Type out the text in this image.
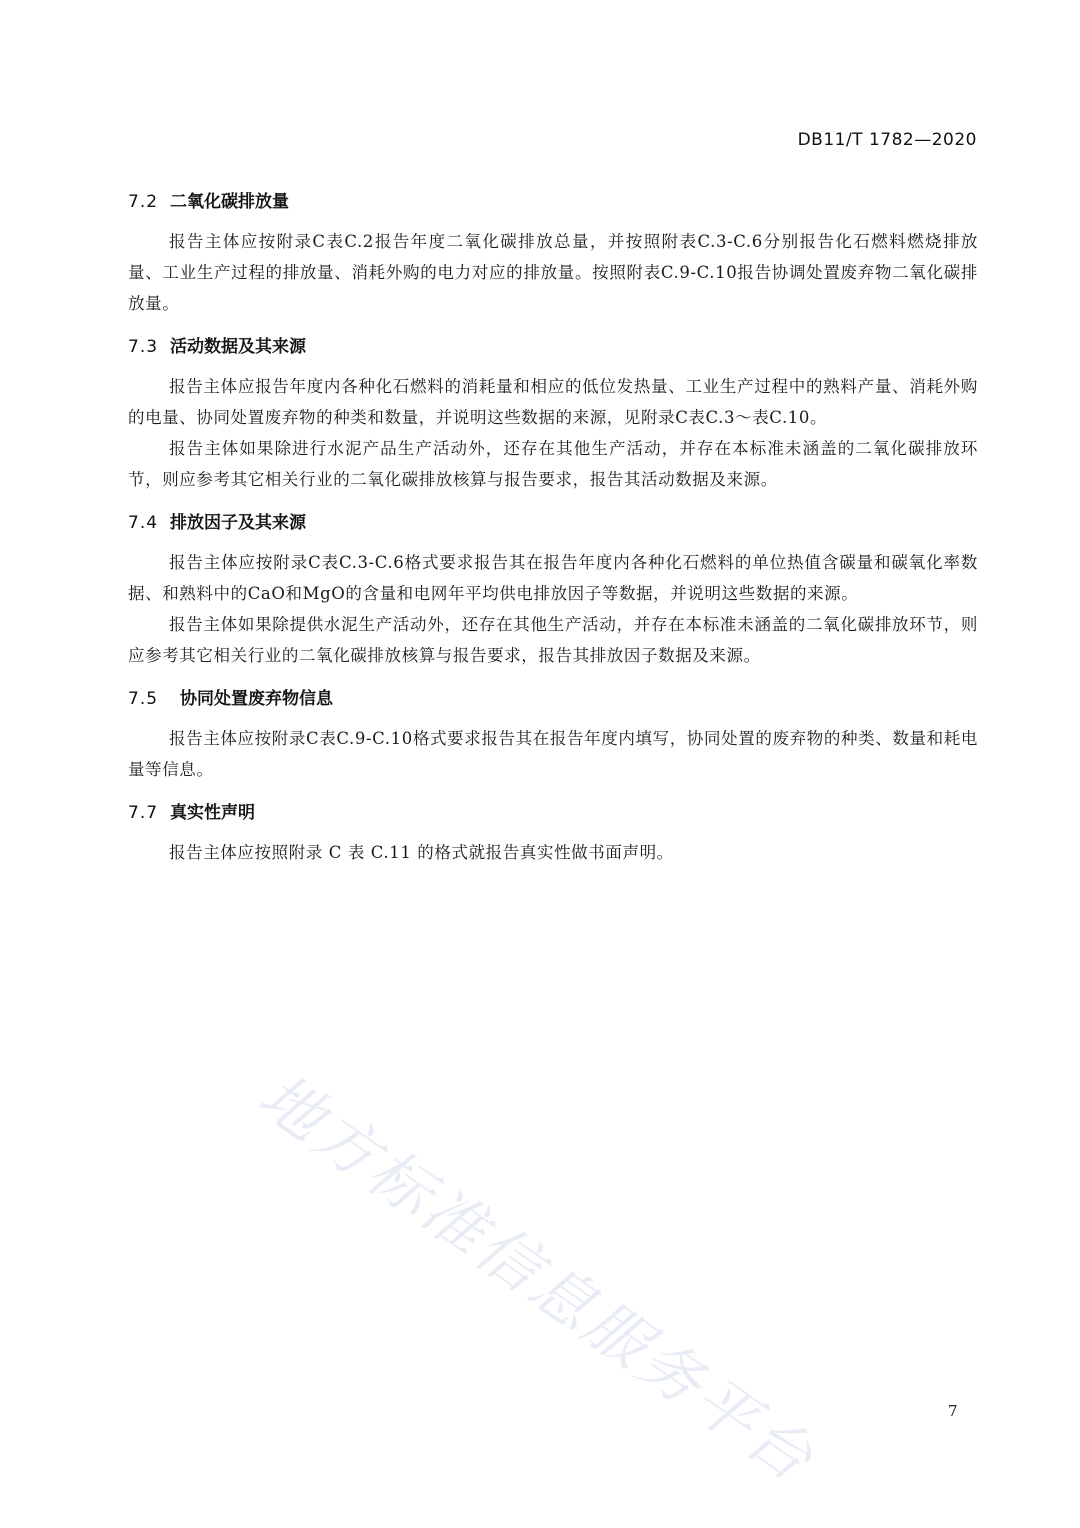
DB11/T 1782—2020
7.2 二氧化碳排放量

报告主体应按附录C表C.2报告年度二氧化碳排放总量，并按照附表C.3-C.6分别报告化石燃料燃烧排放量、工业生产过程的排放量、消耗外购的电力对应的排放量。按照附表C.9-C.10报告协调处置废弃物二氧化碳排放量。

7.3 活动数据及其来源

报告主体应报告年度内各种化石燃料的消耗量和相应的低位发热量、工业生产过程中的熟料产量、消耗外购的电量、协同处置废弃物的种类和数量，并说明这些数据的来源，见附录C表C.3～表C.10。

报告主体如果除进行水泥产品生产活动外，还存在其他生产活动，并存在本标准未涵盖的二氧化碳排放环节，则应参考其它相关行业的二氧化碳排放核算与报告要求，报告其活动数据及来源。

7.4 排放因子及其来源

报告主体应按附录C表C.3-C.6格式要求报告其在报告年度内各种化石燃料的单位热值含碳量和碳氧化率数据、和熟料中的CaO和MgO的含量和电网年平均供电排放因子等数据，并说明这些数据的来源。

报告主体如果除提供水泥生产活动外，还存在其他生产活动，并存在本标准未涵盖的二氧化碳排放环节，则应参考其它相关行业的二氧化碳排放核算与报告要求，报告其排放因子数据及来源。

7.5 协同处置废弃物信息

报告主体应按附录C表C.9-C.10格式要求报告其在报告年度内填写，协同处置的废弃物的种类、数量和耗电量等信息。

7.7 真实性声明

报告主体应按照附录 C 表 C.11 的格式就报告真实性做书面声明。

地方标准信息服务平台	7
